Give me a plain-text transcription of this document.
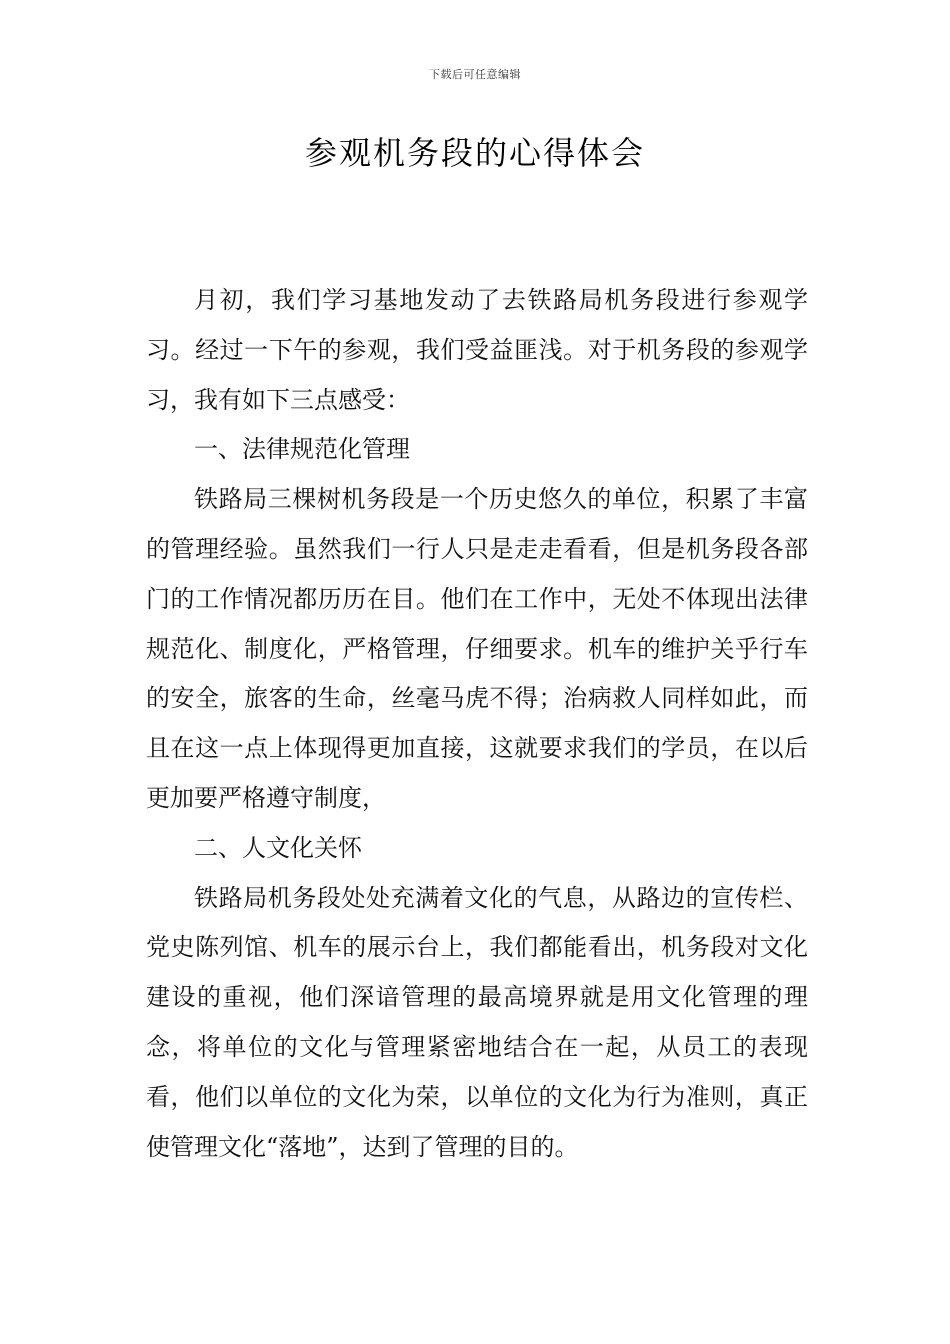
下载后可任意编辑
参观机务段的心得体会

月初，我们学习基地发动了去铁路局机务段进行参观学习。经过一下午的参观，我们受益匪浅。对于机务段的参观学习，我有如下三点感受：

一、法律规范化管理

铁路局三棵树机务段是一个历史悠久的单位，积累了丰富的管理经验。虽然我们一行人只是走走看看，但是机务段各部门的工作情况都历历在目。他们在工作中，无处不体现出法律规范化、制度化，严格管理，仔细要求。机车的维护关乎行车的安全，旅客的生命，丝毫马虎不得；治病救人同样如此，而且在这一点上体现得更加直接，这就要求我们的学员，在以后更加要严格遵守制度，

二、人文化关怀

铁路局机务段处处充满着文化的气息，从路边的宣传栏、党史陈列馆、机车的展示台上，我们都能看出，机务段对文化建设的重视，他们深谙管理的最高境界就是用文化管理的理念，将单位的文化与管理紧密地结合在一起，从员工的表现看，他们以单位的文化为荣，以单位的文化为行为准则，真正使管理文化“落地”，达到了管理的目的。
